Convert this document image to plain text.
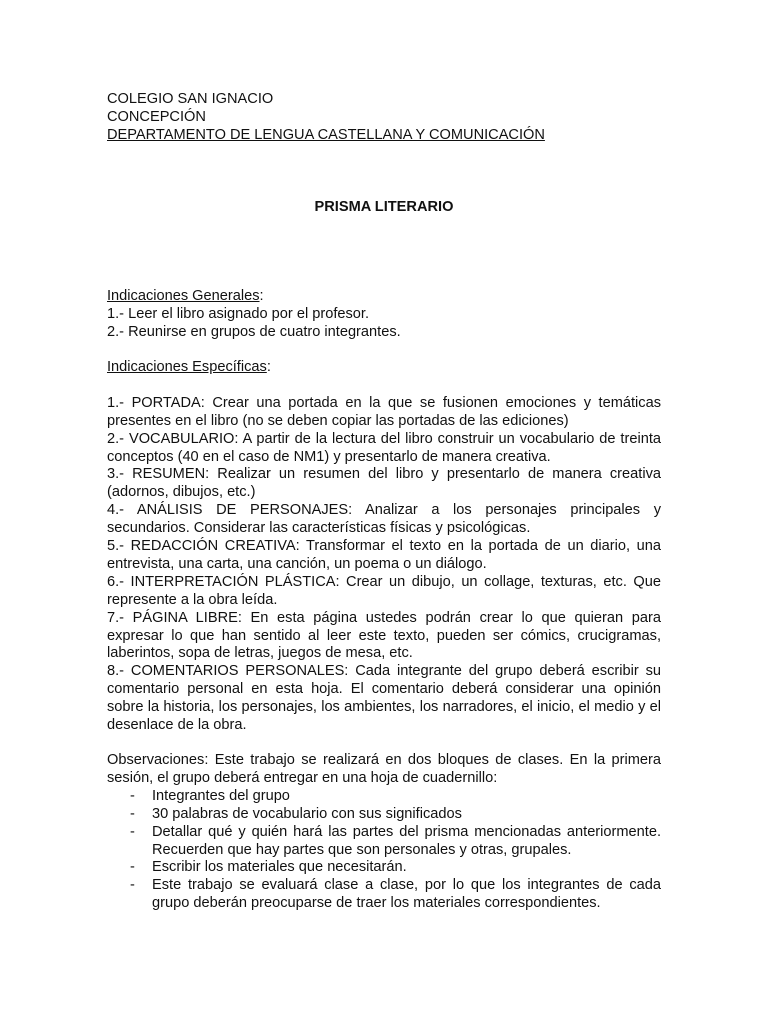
COLEGIO SAN IGNACIO
CONCEPCIÓN
DEPARTAMENTO DE LENGUA CASTELLANA Y COMUNICACIÓN
PRISMA LITERARIO
Indicaciones Generales:
1.- Leer el libro asignado por el profesor.
2.- Reunirse en grupos de cuatro integrantes.
Indicaciones Específicas:

1.- PORTADA: Crear una portada en la que se fusionen emociones y temáticas presentes en el libro (no se deben copiar las portadas de las ediciones)

2.- VOCABULARIO: A partir de la lectura del libro construir un vocabulario de treinta conceptos (40 en el caso de NM1) y presentarlo de manera creativa.

3.- RESUMEN: Realizar un resumen del libro y presentarlo de manera creativa (adornos, dibujos, etc.)

4.- ANÁLISIS DE PERSONAJES: Analizar a los personajes principales y secundarios. Considerar las características físicas y psicológicas.

5.- REDACCIÓN CREATIVA: Transformar el texto en la portada de un diario, una entrevista, una carta, una canción, un poema o un diálogo.

6.- INTERPRETACIÓN PLÁSTICA: Crear un dibujo, un collage, texturas, etc. Que represente a la obra leída.

7.- PÁGINA LIBRE: En esta página ustedes podrán crear lo que quieran para expresar lo que han sentido al leer este texto, pueden ser cómics, crucigramas, laberintos, sopa de letras, juegos de mesa, etc.

8.- COMENTARIOS PERSONALES: Cada integrante del grupo deberá escribir su comentario personal en esta hoja. El comentario deberá considerar una opinión sobre la historia, los personajes, los ambientes, los narradores, el inicio, el medio y el desenlace de la obra.

Observaciones: Este trabajo se realizará en dos bloques de clases. En la primera sesión, el grupo deberá entregar en una hoja de cuadernillo:

- Integrantes del grupo
- 30 palabras de vocabulario con sus significados
- Detallar qué y quién hará las partes del prisma mencionadas anteriormente. Recuerden que hay partes que son personales y otras, grupales.
- Escribir los materiales que necesitarán.
- Este trabajo se evaluará clase a clase, por lo que los integrantes de cada grupo deberán preocuparse de traer los materiales correspondientes.
